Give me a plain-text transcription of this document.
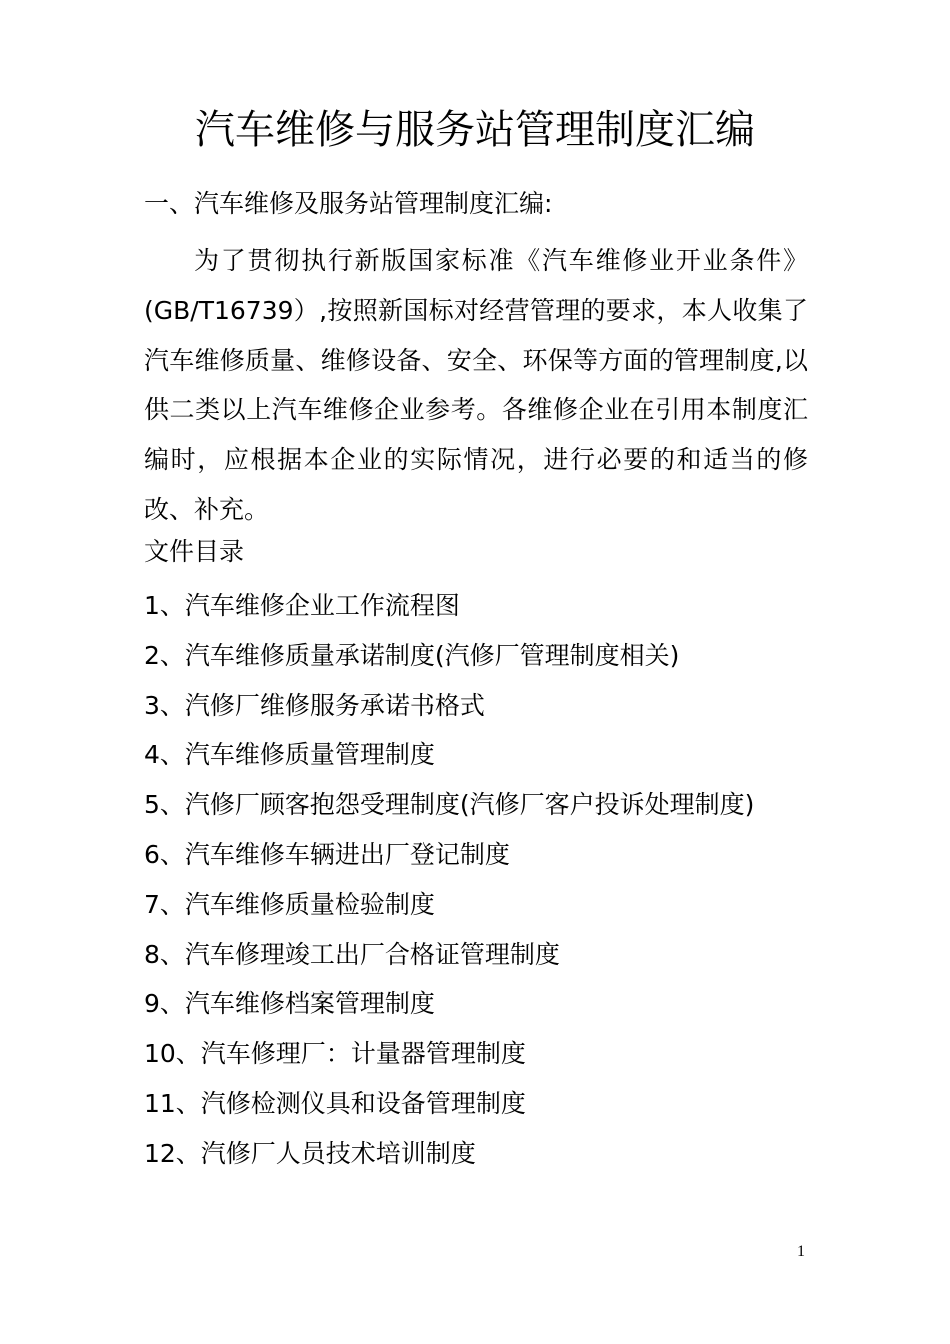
汽车维修与服务站管理制度汇编
一、汽车维修及服务站管理制度汇编:

为了贯彻执行新版国家标准《汽车维修业开业条件》(GB/T16739）,按照新国标对经营管理的要求，本人收集了汽车维修质量、维修设备、安全、环保等方面的管理制度,以供二类以上汽车维修企业参考。各维修企业在引用本制度汇编时，应根据本企业的实际情况，进行必要的和适当的修改、补充。

文件目录
1、汽车维修企业工作流程图
2、汽车维修质量承诺制度(汽修厂管理制度相关)
3、汽修厂维修服务承诺书格式
4、汽车维修质量管理制度
5、汽修厂顾客抱怨受理制度(汽修厂客户投诉处理制度)
6、汽车维修车辆进出厂登记制度
7、汽车维修质量检验制度
8、汽车修理竣工出厂合格证管理制度
9、汽车维修档案管理制度
10、汽车修理厂：计量器管理制度
11、汽修检测仪具和设备管理制度
12、汽修厂人员技术培训制度
1
